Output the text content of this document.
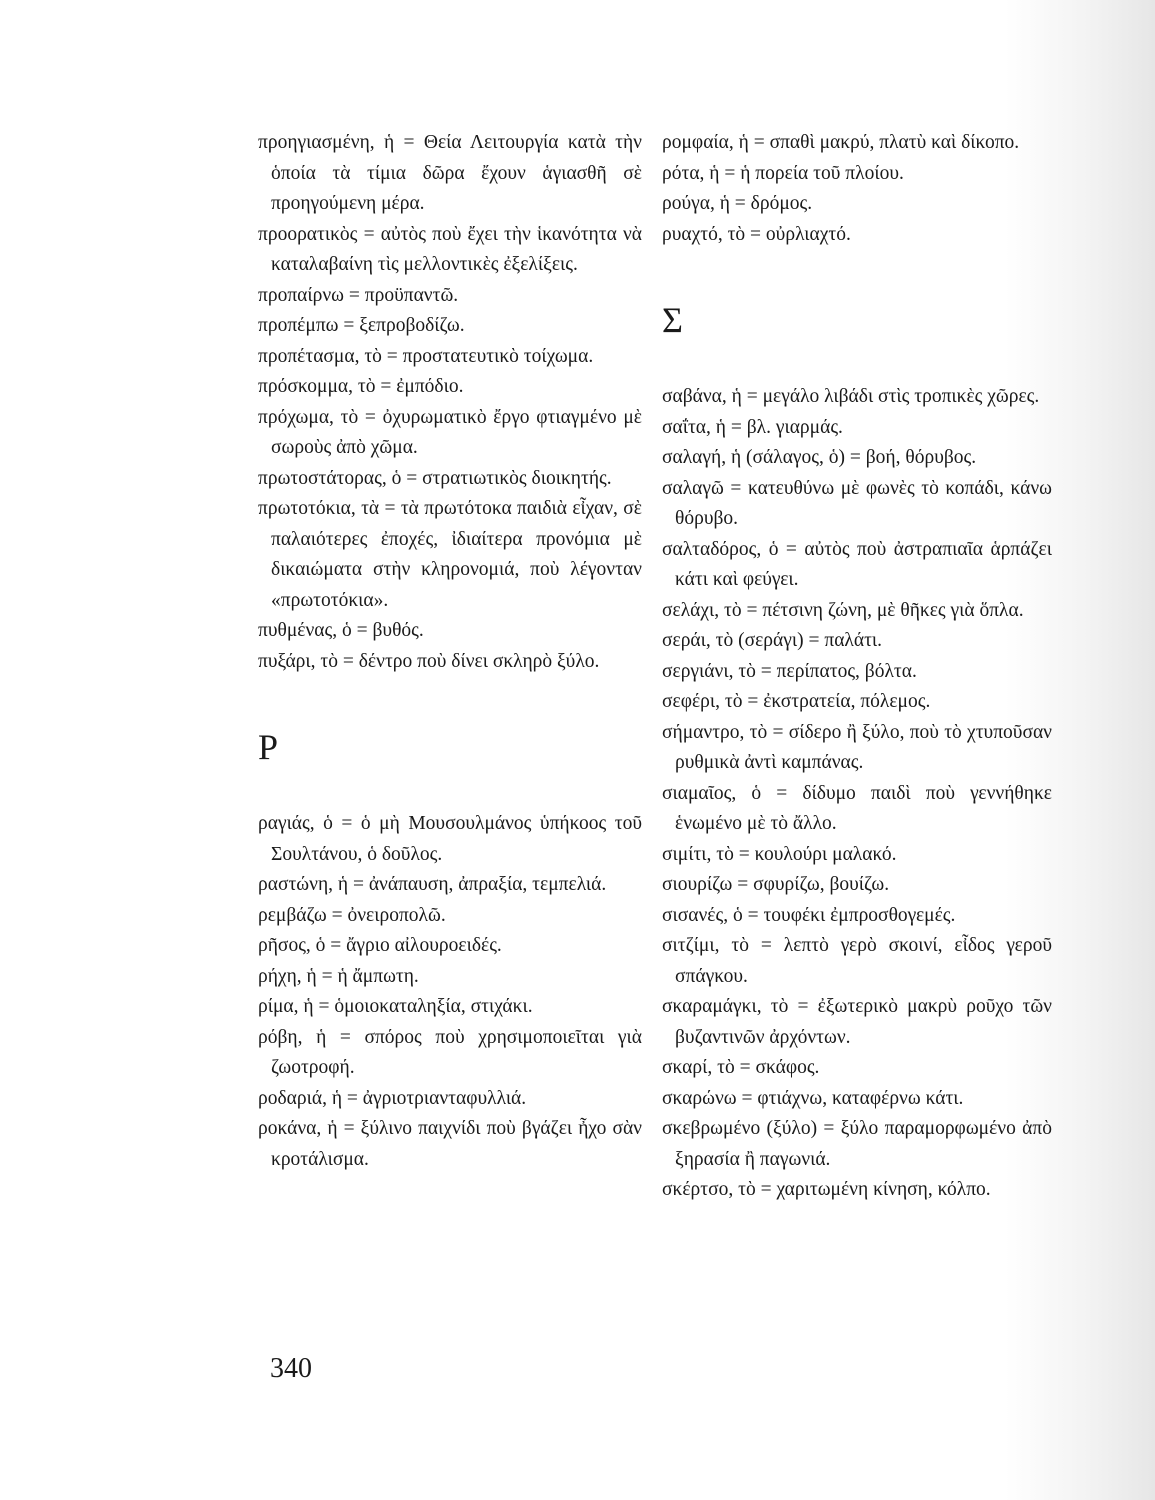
προηγιασμένη, ἡ = Θεία Λειτουργία κατὰ τὴν ὁποία τὰ τίμια δῶρα ἔχουν ἁγιασθῆ σὲ προηγούμενη μέρα.
προορατικὸς = αὐτὸς ποὺ ἔχει τὴν ἱκανότητα νὰ καταλαβαίνη τὶς μελλοντικὲς ἐξελίξεις.
προπαίρνω = προϋπαντῶ.
προπέμπω = ξεπροβοδίζω.
προπέτασμα, τὸ = προστατευτικὸ τοίχωμα.
πρόσκομμα, τὸ = ἐμπόδιο.
πρόχωμα, τὸ = ὀχυρωματικὸ ἔργο φτιαγμένο μὲ σωροὺς ἀπὸ χῶμα.
πρωτοστάτορας, ὁ = στρατιωτικὸς διοικητής.
πρωτοτόκια, τὰ = τὰ πρωτότοκα παιδιὰ εἶχαν, σὲ παλαιότερες ἐποχές, ἰδιαίτερα προνόμια μὲ δικαιώματα στὴν κληρονομιά, ποὺ λέγονταν «πρωτοτόκια».
πυθμένας, ὁ = βυθός.
πυξάρι, τὸ = δέντρο ποὺ δίνει σκληρὸ ξύλο.
Ρ
ραγιάς, ὁ = ὁ μὴ Μουσουλμάνος ὑπήκοος τοῦ Σουλτάνου, ὁ δοῦλος.
ραστώνη, ἡ = ἀνάπαυση, ἀπραξία, τεμπελιά.
ρεμβάζω = ὀνειροπολῶ.
ρῆσος, ὁ = ἄγριο αἰλουροειδές.
ρήχη, ἡ = ἡ ἄμπωτη.
ρίμα, ἡ = ὁμοιοκαταληξία, στιχάκι.
ρόβη, ἡ = σπόρος ποὺ χρησιμοποιεῖται γιὰ ζωοτροφή.
ροδαριά, ἡ = ἀγριοτριανταφυλλιά.
ροκάνα, ἡ = ξύλινο παιχνίδι ποὺ βγάζει ἦχο σὰν κροτάλισμα.
ρομφαία, ἡ = σπαθὶ μακρύ, πλατὺ καὶ δίκοπο.
ρότα, ἡ = ἡ πορεία τοῦ πλοίου.
ρούγα, ἡ = δρόμος.
ρυαχτό, τὸ = οὐρλιαχτό.
Σ
σαβάνα, ἡ = μεγάλο λιβάδι στὶς τροπικὲς χῶρες.
σαΐτα, ἡ = βλ. γιαρμάς.
σαλαγή, ἡ (σάλαγος, ὁ) = βοή, θόρυβος.
σαλαγῶ = κατευθύνω μὲ φωνὲς τὸ κοπάδι, κάνω θόρυβο.
σαλταδόρος, ὁ = αὐτὸς ποὺ ἀστραπιαῖα ἁρπάζει κάτι καὶ φεύγει.
σελάχι, τὸ = πέτσινη ζώνη, μὲ θῆκες γιὰ ὅπλα.
σεράι, τὸ (σεράγι) = παλάτι.
σεργιάνι, τὸ = περίπατος, βόλτα.
σεφέρι, τὸ = ἐκστρατεία, πόλεμος.
σήμαντρο, τὸ = σίδερο ἢ ξύλο, ποὺ τὸ χτυποῦσαν ρυθμικὰ ἀντὶ καμπάνας.
σιαμαῖος, ὁ = δίδυμο παιδὶ ποὺ γεννήθηκε ἑνωμένο μὲ τὸ ἄλλο.
σιμίτι, τὸ = κουλούρι μαλακό.
σιουρίζω = σφυρίζω, βουίζω.
σισανές, ὁ = τουφέκι ἐμπροσθογεμές.
σιτζίμι, τὸ = λεπτὸ γερὸ σκοινί, εἶδος γεροῦ σπάγκου.
σκαραμάγκι, τὸ = ἐξωτερικὸ μακρὺ ροῦχο τῶν βυζαντινῶν ἀρχόντων.
σκαρί, τὸ = σκάφος.
σκαρώνω = φτιάχνω, καταφέρνω κάτι.
σκεβρωμένο (ξύλο) = ξύλο παραμορφωμένο ἀπὸ ξηρασία ἢ παγωνιά.
σκέρτσο, τὸ = χαριτωμένη κίνηση, κόλπο.
340
